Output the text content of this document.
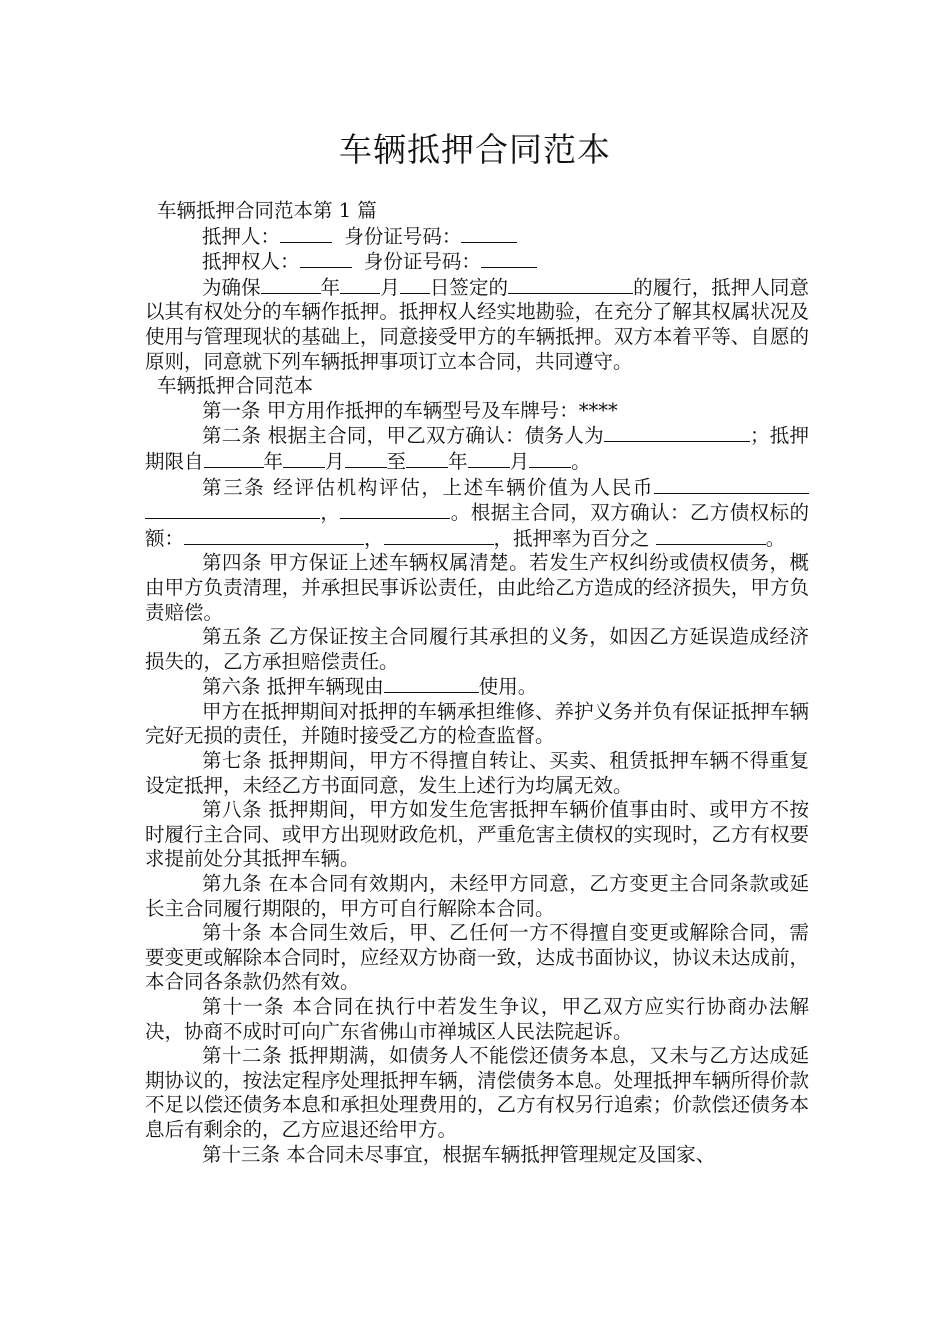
车辆抵押合同范本

车辆抵押合同范本第 1 篇

抵押人：	身份证号码：

抵押权人：	身份证号码：

为确保	年 月 日签定的	的履行，抵押人同意以其有权处分的车辆作抵押。抵押权人经实地勘验，在充分了解其权属状况及使用与管理现状的基础上，同意接受甲方的车辆抵押。双方本着平等、自愿的原则，同意就下列车辆抵押事项订立本合同，共同遵守。

车辆抵押合同范本

第一条 甲方用作抵押的车辆型号及车牌号：****

第二条 根据主合同，甲乙双方确认：债务人为	；抵押期限自	年 月 至 年 月 。

第三条 经评估机构评估，上述车辆价值为人民币，	。根据主合同，双方确认：乙方债权标的额：	，	，抵押率为百分之	。

第四条 甲方保证上述车辆权属清楚。若发生产权纠纷或债权债务，概由甲方负责清理，并承担民事诉讼责任，由此给乙方造成的经济损失，甲方负责赔偿。

第五条 乙方保证按主合同履行其承担的义务，如因乙方延误造成经济损失的，乙方承担赔偿责任。

第六条 抵押车辆现由	使用。

甲方在抵押期间对抵押的车辆承担维修、养护义务并负有保证抵押车辆完好无损的责任，并随时接受乙方的检查监督。

第七条 抵押期间，甲方不得擅自转让、买卖、租赁抵押车辆不得重复设定抵押，未经乙方书面同意，发生上述行为均属无效。

第八条 抵押期间，甲方如发生危害抵押车辆价值事由时、或甲方不按时履行主合同、或甲方出现财政危机，严重危害主债权的实现时，乙方有权要求提前处分其抵押车辆。

第九条 在本合同有效期内，未经甲方同意，乙方变更主合同条款或延长主合同履行期限的，甲方可自行解除本合同。

第十条 本合同生效后，甲、乙任何一方不得擅自变更或解除合同，需要变更或解除本合同时，应经双方协商一致，达成书面协议，协议未达成前，本合同各条款仍然有效。

第十一条 本合同在执行中若发生争议，甲乙双方应实行协商办法解决，协商不成时可向广东省佛山市禅城区人民法院起诉。

第十二条 抵押期满，如债务人不能偿还债务本息，又未与乙方达成延期协议的，按法定程序处理抵押车辆，清偿债务本息。处理抵押车辆所得价款不足以偿还债务本息和承担处理费用的，乙方有权另行追索；价款偿还债务本息后有剩余的，乙方应退还给甲方。

第十三条 本合同未尽事宜，根据车辆抵押管理规定及国家、
